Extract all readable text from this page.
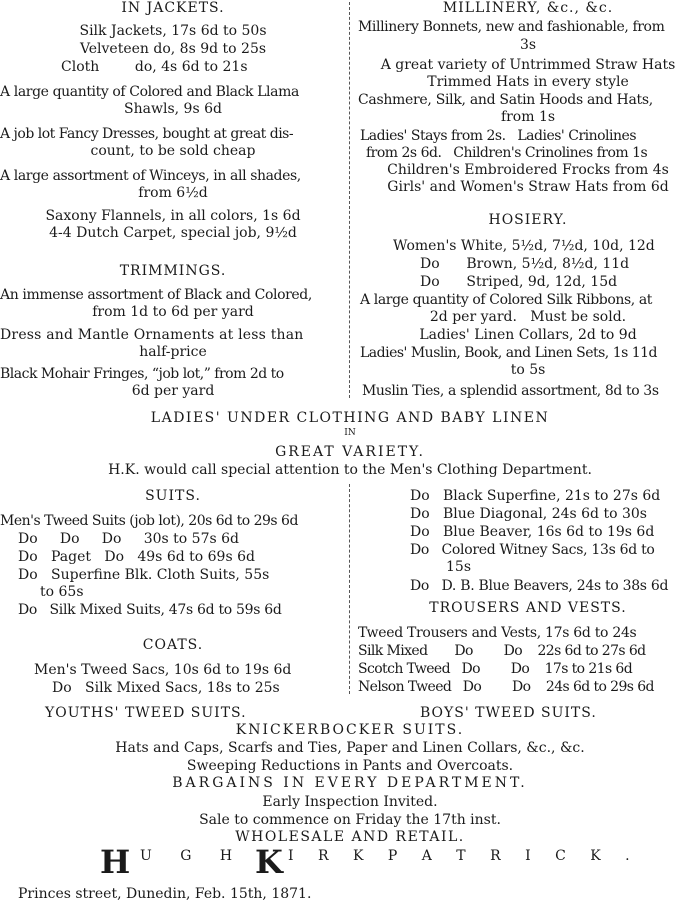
IN JACKETS.
Silk Jackets, 17s 6d to 50s
Velveteen do, 8s 9d to 25s
Cloth        do, 4s 6d to 21s
A large quantity of Colored and Black Llama
Shawls, 9s 6d
A job lot Fancy Dresses, bought at great dis-
count, to be sold cheap
A large assortment of Winceys, in all shades,
from 6½d
Saxony Flannels, in all colors, 1s 6d
4-4 Dutch Carpet, special job, 9½d
TRIMMINGS.
An immense assortment of Black and Colored,
from 1d to 6d per yard
Dress and Mantle Ornaments at less than
half-price
Black Mohair Fringes, “job lot,” from 2d to
6d per yard
MILLINERY, &c., &c.
Millinery Bonnets, new and fashionable, from
3s
A great variety of Untrimmed Straw Hats
Trimmed Hats in every style
Cashmere, Silk, and Satin Hoods and Hats,
from 1s
Ladies' Stays from 2s.   Ladies' Crinolines
from 2s 6d.   Children's Crinolines from 1s
Children's Embroidered Frocks from 4s
Girls' and Women's Straw Hats from 6d
HOSIERY.
Women's White, 5½d, 7½d, 10d, 12d
Do      Brown, 5½d, 8½d, 11d
Do      Striped, 9d, 12d, 15d
A large quantity of Colored Silk Ribbons, at
2d per yard.   Must be sold.
Ladies' Linen Collars, 2d to 9d
Ladies' Muslin, Book, and Linen Sets, 1s 11d
to 5s
Muslin Ties, a splendid assortment, 8d to 3s
LADIES' UNDER CLOTHING AND BABY LINEN
IN
GREAT VARIETY.
H.K. would call special attention to the Men's Clothing Department.
SUITS.
Men's Tweed Suits (job lot), 20s 6d to 29s 6d
Do     Do     Do     30s to 57s 6d
Do   Paget   Do   49s 6d to 69s 6d
Do   Superfine Blk. Cloth Suits, 55s
to 65s
Do   Silk Mixed Suits, 47s 6d to 59s 6d
COATS.
Men's Tweed Sacs, 10s 6d to 19s 6d
Do   Silk Mixed Sacs, 18s to 25s
Do   Black Superfine, 21s to 27s 6d
Do   Blue Diagonal, 24s 6d to 30s
Do   Blue Beaver, 16s 6d to 19s 6d
Do   Colored Witney Sacs, 13s 6d to
15s
Do   D. B. Blue Beavers, 24s to 38s 6d
TROUSERS AND VESTS.
Tweed Trousers and Vests, 17s 6d to 24s
Silk Mixed       Do        Do    22s 6d to 27s 6d
Scotch Tweed   Do        Do    17s to 21s 6d
Nelson Tweed   Do        Do    24s 6d to 29s 6d
YOUTHS' TWEED SUITS.	BOYS' TWEED SUITS.
KNICKERBOCKER SUITS.
Hats and Caps, Scarfs and Ties, Paper and Linen Collars, &c., &c.
Sweeping Reductions in Pants and Overcoats.
BARGAINS IN EVERY DEPARTMENT.
Early Inspection Invited.
Sale to commence on Friday the 17th inst.
WHOLESALE AND RETAIL.
H U G H K I R K P A T R I C K .
Princes street, Dunedin, Feb. 15th, 1871.
